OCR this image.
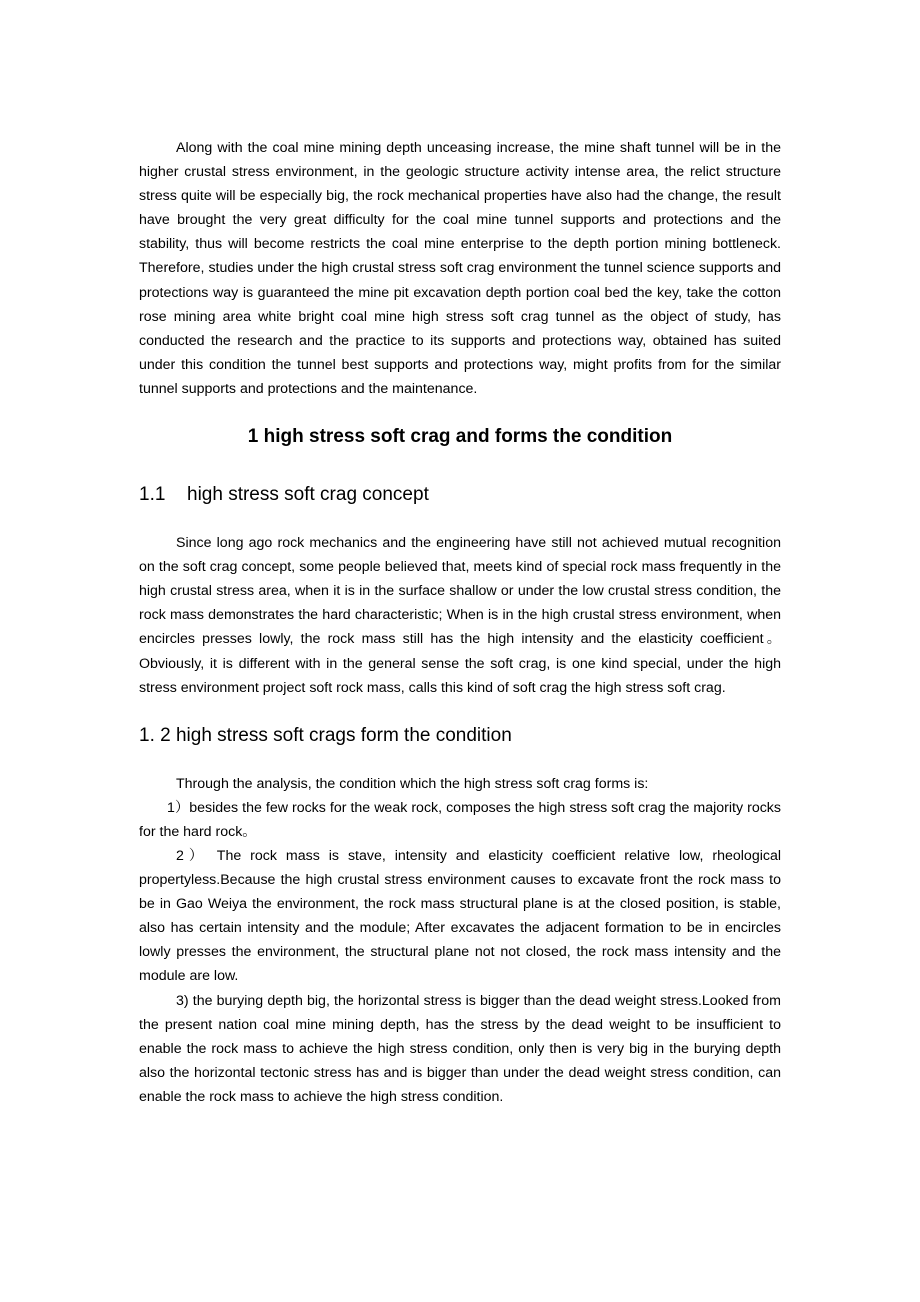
Along with the coal mine mining depth unceasing increase, the mine shaft tunnel will be in the higher crustal stress environment, in the geologic structure activity intense area, the relict structure stress quite will be especially big, the rock mechanical properties have also had the change, the result have brought the very great difficulty for the coal mine tunnel supports and protections and the stability, thus will become restricts the coal mine enterprise to the depth portion mining bottleneck. Therefore, studies under the high crustal stress soft crag environment the tunnel science supports and protections way is guaranteed the mine pit excavation depth portion coal bed the key, take the cotton rose mining area white bright coal mine high stress soft crag tunnel as the object of study, has conducted the research and the practice to its supports and protections way, obtained has suited under this condition the tunnel best supports and protections way, might profits from for the similar tunnel supports and protections and the maintenance.

1 high stress soft crag and forms the condition
1.1 high stress soft crag concept

Since long ago rock mechanics and the engineering have still not achieved mutual recognition on the soft crag concept, some people believed that, meets kind of special rock mass frequently in the high crustal stress area, when it is in the surface shallow or under the low crustal stress condition, the rock mass demonstrates the hard characteristic; When is in the high crustal stress environment, when encircles presses lowly, the rock mass still has the high intensity and the elasticity coefficient。Obviously, it is different with in the general sense the soft crag, is one kind special, under the high stress environment project soft rock mass, calls this kind of soft crag the high stress soft crag.

1. 2 high stress soft crags form the condition

Through the analysis, the condition which the high stress soft crag forms is:

1）besides the few rocks for the weak rock, composes the high stress soft crag the majority rocks for the hard rock。

2） The rock mass is stave, intensity and elasticity coefficient relative low, rheological propertyless.Because the high crustal stress environment causes to excavate front the rock mass to be in Gao Weiya the environment, the rock mass structural plane is at the closed position, is stable, also has certain intensity and the module; After excavates the adjacent formation to be in encircles lowly presses the environment, the structural plane not not closed, the rock mass intensity and the module are low.

3) the burying depth big, the horizontal stress is bigger than the dead weight stress.Looked from the present nation coal mine mining depth, has the stress by the dead weight to be insufficient to enable the rock mass to achieve the high stress condition, only then is very big in the burying depth also the horizontal tectonic stress has and is bigger than under the dead weight stress condition, can enable the rock mass to achieve the high stress condition.
